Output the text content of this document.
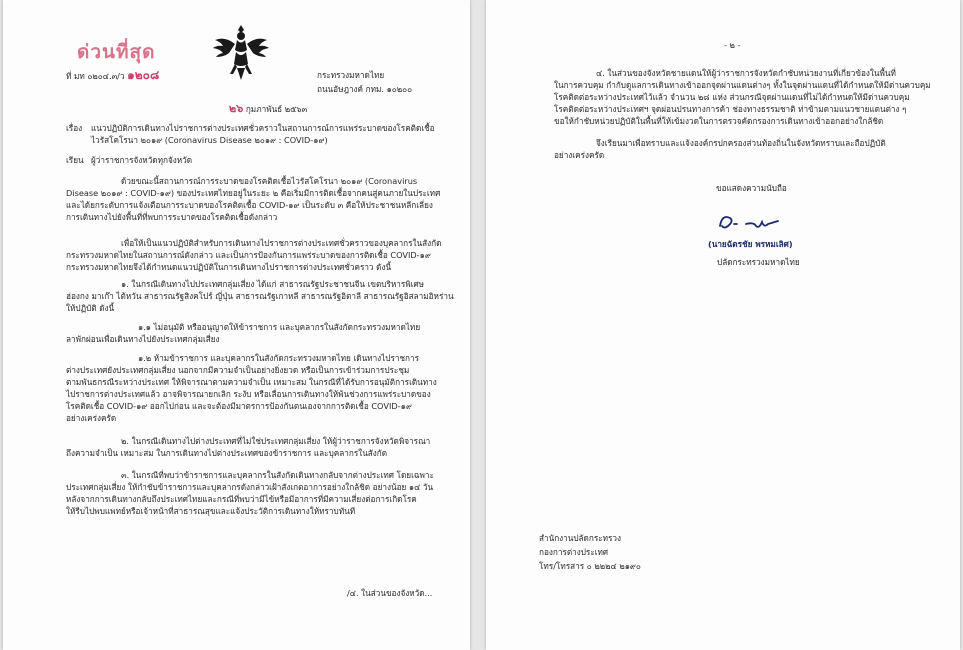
ด่วนที่สุด
ที่ มท ๐๒๐๔.๓/ว ๑๒๐๘	กระทรวงมหาดไทย
ถนนอัษฎางค์ กทม. ๑๐๒๐๐
๒๖ กุมภาพันธ์ ๒๕๖๓
เรื่อง แนวปฏิบัติการเดินทางไปราชการต่างประเทศชั่วคราวในสถานการณ์การแพร่ระบาดของโรคติดเชื้อ
ไวรัสโคโรนา ๒๐๑๙ (Coronavirus Disease ๒๐๑๙ : COVID-๑๙)
เรียน ผู้ว่าราชการจังหวัดทุกจังหวัด
ด้วยขณะนี้สถานการณ์การระบาดของโรคติดเชื้อไวรัสโคโรนา ๒๐๑๙ (Coronavirus
Disease ๒๐๑๙ : COVID-๑๙) ของประเทศไทยอยู่ในระยะ ๒ คือเริ่มมีการติดเชื้อจากคนสู่คนภายในประเทศ
และได้ยกระดับการแจ้งเตือนการระบาดของโรคติดเชื้อ COVID-๑๙ เป็นระดับ ๓ คือให้ประชาชนหลีกเลี่ยง
การเดินทางไปยังพื้นที่ที่พบการระบาดของโรคติดเชื้อดังกล่าว
เพื่อให้เป็นแนวปฏิบัติสำหรับการเดินทางไปราชการต่างประเทศชั่วคราวของบุคลากรในสังกัด
กระทรวงมหาดไทยในสถานการณ์ดังกล่าว และเป็นการป้องกันการแพร่ระบาดของการติดเชื้อ COVID-๑๙
กระทรวงมหาดไทยจึงได้กำหนดแนวปฏิบัติในการเดินทางไปราชการต่างประเทศชั่วคราว ดังนี้
๑. ในกรณีเดินทางไปประเทศกลุ่มเสี่ยง ได้แก่ สาธารณรัฐประชาชนจีน เขตบริหารพิเศษ
ฮ่องกง มาเก๊า ไต้หวัน สาธารณรัฐสิงคโปร์ ญี่ปุ่น สาธารณรัฐเกาหลี สาธารณรัฐอิตาลี สาธารณรัฐอิสลามอิหร่าน
ให้ปฏิบัติ ดังนี้
๑.๑ ไม่อนุมัติ หรืออนุญาตให้ข้าราชการ และบุคลากรในสังกัดกระทรวงมหาดไทย
ลาพักผ่อนเพื่อเดินทางไปยังประเทศกลุ่มเสี่ยง
๑.๒ ห้ามข้าราชการ และบุคลากรในสังกัดกระทรวงมหาดไทย เดินทางไปราชการ
ต่างประเทศยังประเทศกลุ่มเสี่ยง นอกจากมีความจำเป็นอย่างยิ่งยวด หรือเป็นการเข้าร่วมการประชุม
ตามพันธกรณีระหว่างประเทศ ให้พิจารณาตามความจำเป็น เหมาะสม ในกรณีที่ได้รับการอนุมัติการเดินทาง
ไปราชการต่างประเทศแล้ว อาจพิจารณายกเลิก ระงับ หรือเลื่อนการเดินทางให้พ้นช่วงการแพร่ระบาดของ
โรคติดเชื้อ COVID-๑๙ ออกไปก่อน และจะต้องมีมาตรการป้องกันตนเองจากการติดเชื้อ COVID-๑๙
อย่างเคร่งครัด
๒. ในกรณีเดินทางไปต่างประเทศที่ไม่ใช่ประเทศกลุ่มเสี่ยง ให้ผู้ว่าราชการจังหวัดพิจารณา
ถึงความจำเป็น เหมาะสม ในการเดินทางไปต่างประเทศของข้าราชการ และบุคลากรในสังกัด
๓. ในกรณีที่พบว่าข้าราชการและบุคลากรในสังกัดเดินทางกลับจากต่างประเทศ โดยเฉพาะ
ประเทศกลุ่มเสี่ยง ให้กำชับข้าราชการและบุคลากรดังกล่าวเฝ้าสังเกตอาการอย่างใกล้ชิด อย่างน้อย ๑๔ วัน
หลังจากการเดินทางกลับถึงประเทศไทยและกรณีที่พบว่ามีไข้หรือมีอาการที่มีความเสี่ยงต่อการเกิดโรค
ให้รีบไปพบแพทย์หรือเจ้าหน้าที่สาธารณสุขและแจ้งประวัติการเดินทางให้ทราบทันที
/๔. ในส่วนของจังหวัด...
- ๒ -
๔. ในส่วนของจังหวัดชายแดนให้ผู้ว่าราชการจังหวัดกำชับหน่วยงานที่เกี่ยวข้องในพื้นที่
ในการควบคุม กำกับดูแลการเดินทางเข้าออกจุดผ่านแดนต่างๆ ทั้งในจุดผ่านแดนที่ได้กำหนดให้มีด่านควบคุม
โรคติดต่อระหว่างประเทศไว้แล้ว จำนวน ๒๘ แห่ง ส่วนกรณีจุดผ่านแดนที่ไม่ได้กำหนดให้มีด่านควบคุม
โรคติดต่อระหว่างประเทศฯ จุดผ่อนปรนทางการค้า ช่องทางธรรมชาติ ท่าข้ามตามแนวชายแดนต่าง ๆ
ขอให้กำชับหน่วยปฏิบัติในพื้นที่ให้เข้มงวดในการตรวจคัดกรองการเดินทางเข้าออกอย่างใกล้ชิด
จึงเรียนมาเพื่อทราบและแจ้งองค์กรปกครองส่วนท้องถิ่นในจังหวัดทราบและถือปฏิบัติ
อย่างเคร่งครัด
ขอแสดงความนับถือ
(นายฉัตรชัย พรหมเลิศ)
ปลัดกระทรวงมหาดไทย
สำนักงานปลัดกระทรวง
กองการต่างประเทศ
โทร/โทรสาร ๐ ๒๒๒๔ ๒๑๙๐
